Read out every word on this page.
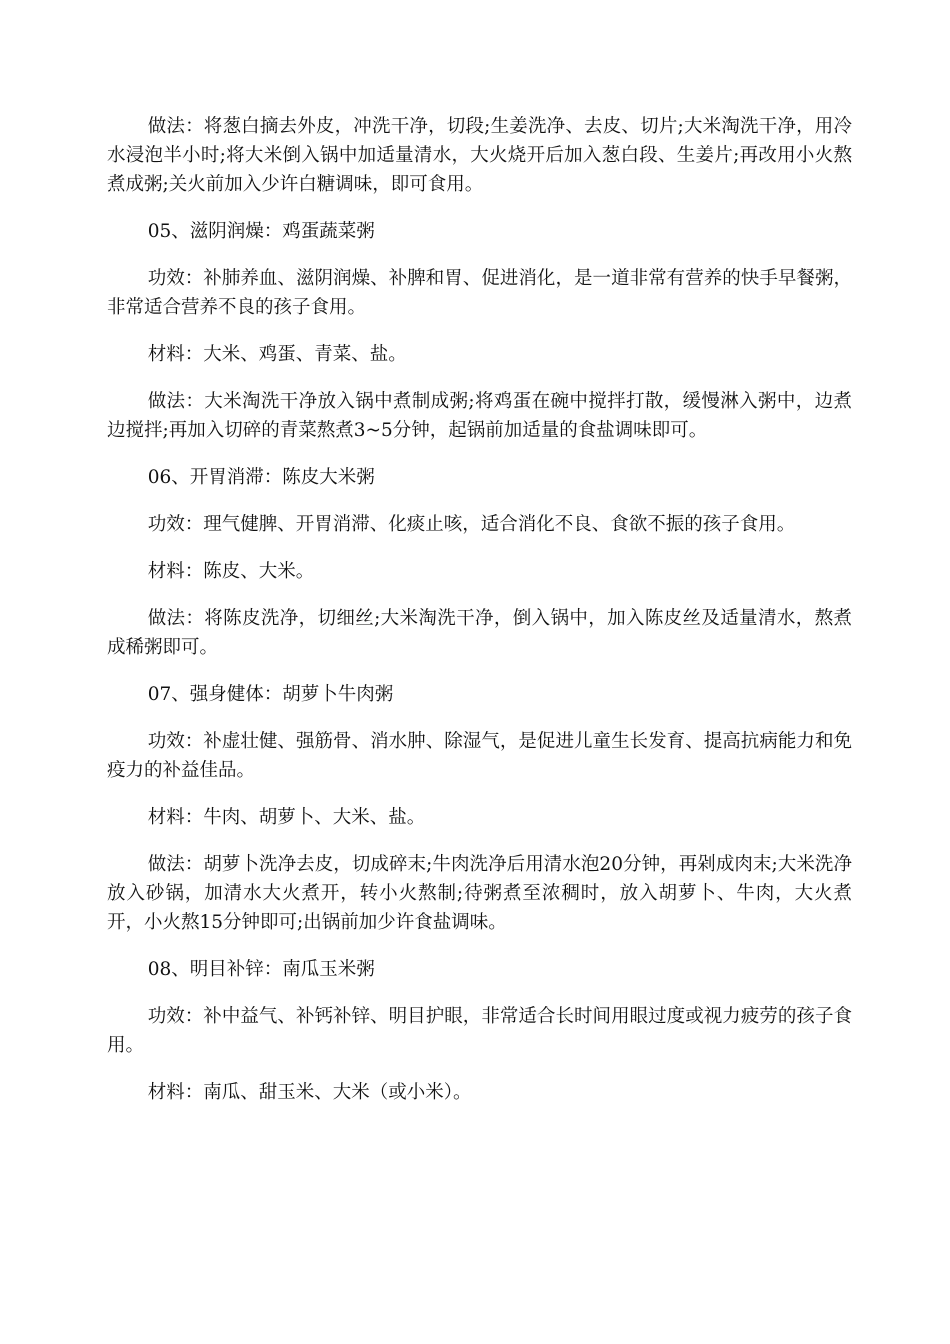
做法：将葱白摘去外皮，冲洗干净，切段;生姜洗净、去皮、切片;大米淘洗干净，用冷水浸泡半小时;将大米倒入锅中加适量清水，大火烧开后加入葱白段、生姜片;再改用小火熬煮成粥;关火前加入少许白糖调味，即可食用。

05、滋阴润燥：鸡蛋蔬菜粥

功效：补肺养血、滋阴润燥、补脾和胃、促进消化，是一道非常有营养的快手早餐粥，非常适合营养不良的孩子食用。

材料：大米、鸡蛋、青菜、盐。

做法：大米淘洗干净放入锅中煮制成粥;将鸡蛋在碗中搅拌打散，缓慢淋入粥中，边煮边搅拌;再加入切碎的青菜熬煮3~5分钟，起锅前加适量的食盐调味即可。

06、开胃消滞：陈皮大米粥

功效：理气健脾、开胃消滞、化痰止咳，适合消化不良、食欲不振的孩子食用。

材料：陈皮、大米。

做法：将陈皮洗净，切细丝;大米淘洗干净，倒入锅中，加入陈皮丝及适量清水，熬煮成稀粥即可。

07、强身健体：胡萝卜牛肉粥

功效：补虚壮健、强筋骨、消水肿、除湿气，是促进儿童生长发育、提高抗病能力和免疫力的补益佳品。

材料：牛肉、胡萝卜、大米、盐。

做法：胡萝卜洗净去皮，切成碎末;牛肉洗净后用清水泡20分钟，再剁成肉末;大米洗净放入砂锅，加清水大火煮开，转小火熬制;待粥煮至浓稠时，放入胡萝卜、牛肉，大火煮开，小火熬15分钟即可;出锅前加少许食盐调味。

08、明目补锌：南瓜玉米粥

功效：补中益气、补钙补锌、明目护眼，非常适合长时间用眼过度或视力疲劳的孩子食用。

材料：南瓜、甜玉米、大米（或小米）。
